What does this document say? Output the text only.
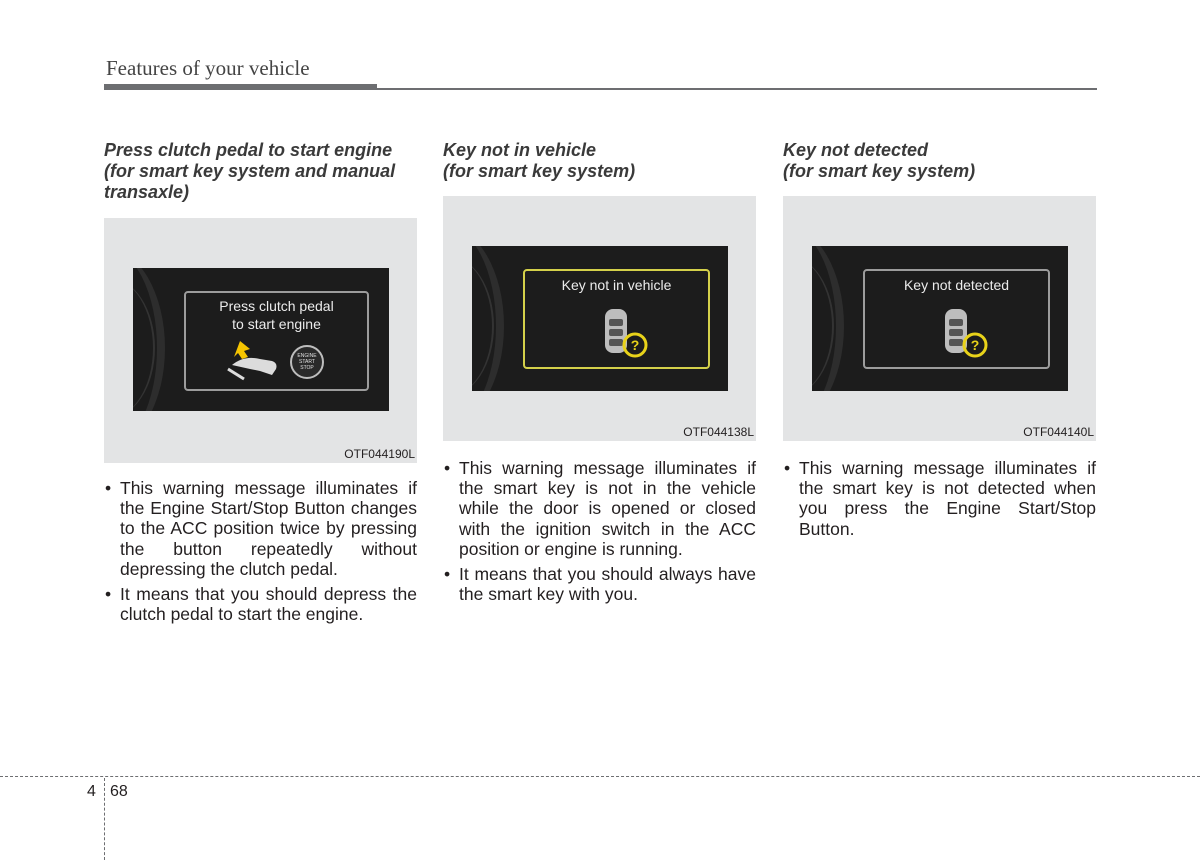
Features of your vehicle
Press clutch pedal to start engine
(for smart key system and manual
transaxle)
Press clutch pedal
to start engine
ENGINE
START
STOP
OTF044190L
• This warning message illuminates if the Engine Start/Stop Button changes to the ACC position twice by pressing the button repeatedly without depressing the clutch pedal.
• It means that you should depress the clutch pedal to start the engine.
Key not in vehicle
(for smart key system)
Key not in vehicle
?
OTF044138L
• This warning message illuminates if the smart key is not in the vehicle while the door is opened or closed with the ignition switch in the ACC position or engine is running.
• It means that you should always have the smart key with you.
Key not detected
(for smart key system)
Key not detected
?
OTF044140L
• This warning message illuminates if the smart key is not detected when you press the Engine Start/Stop Button.
4 68
